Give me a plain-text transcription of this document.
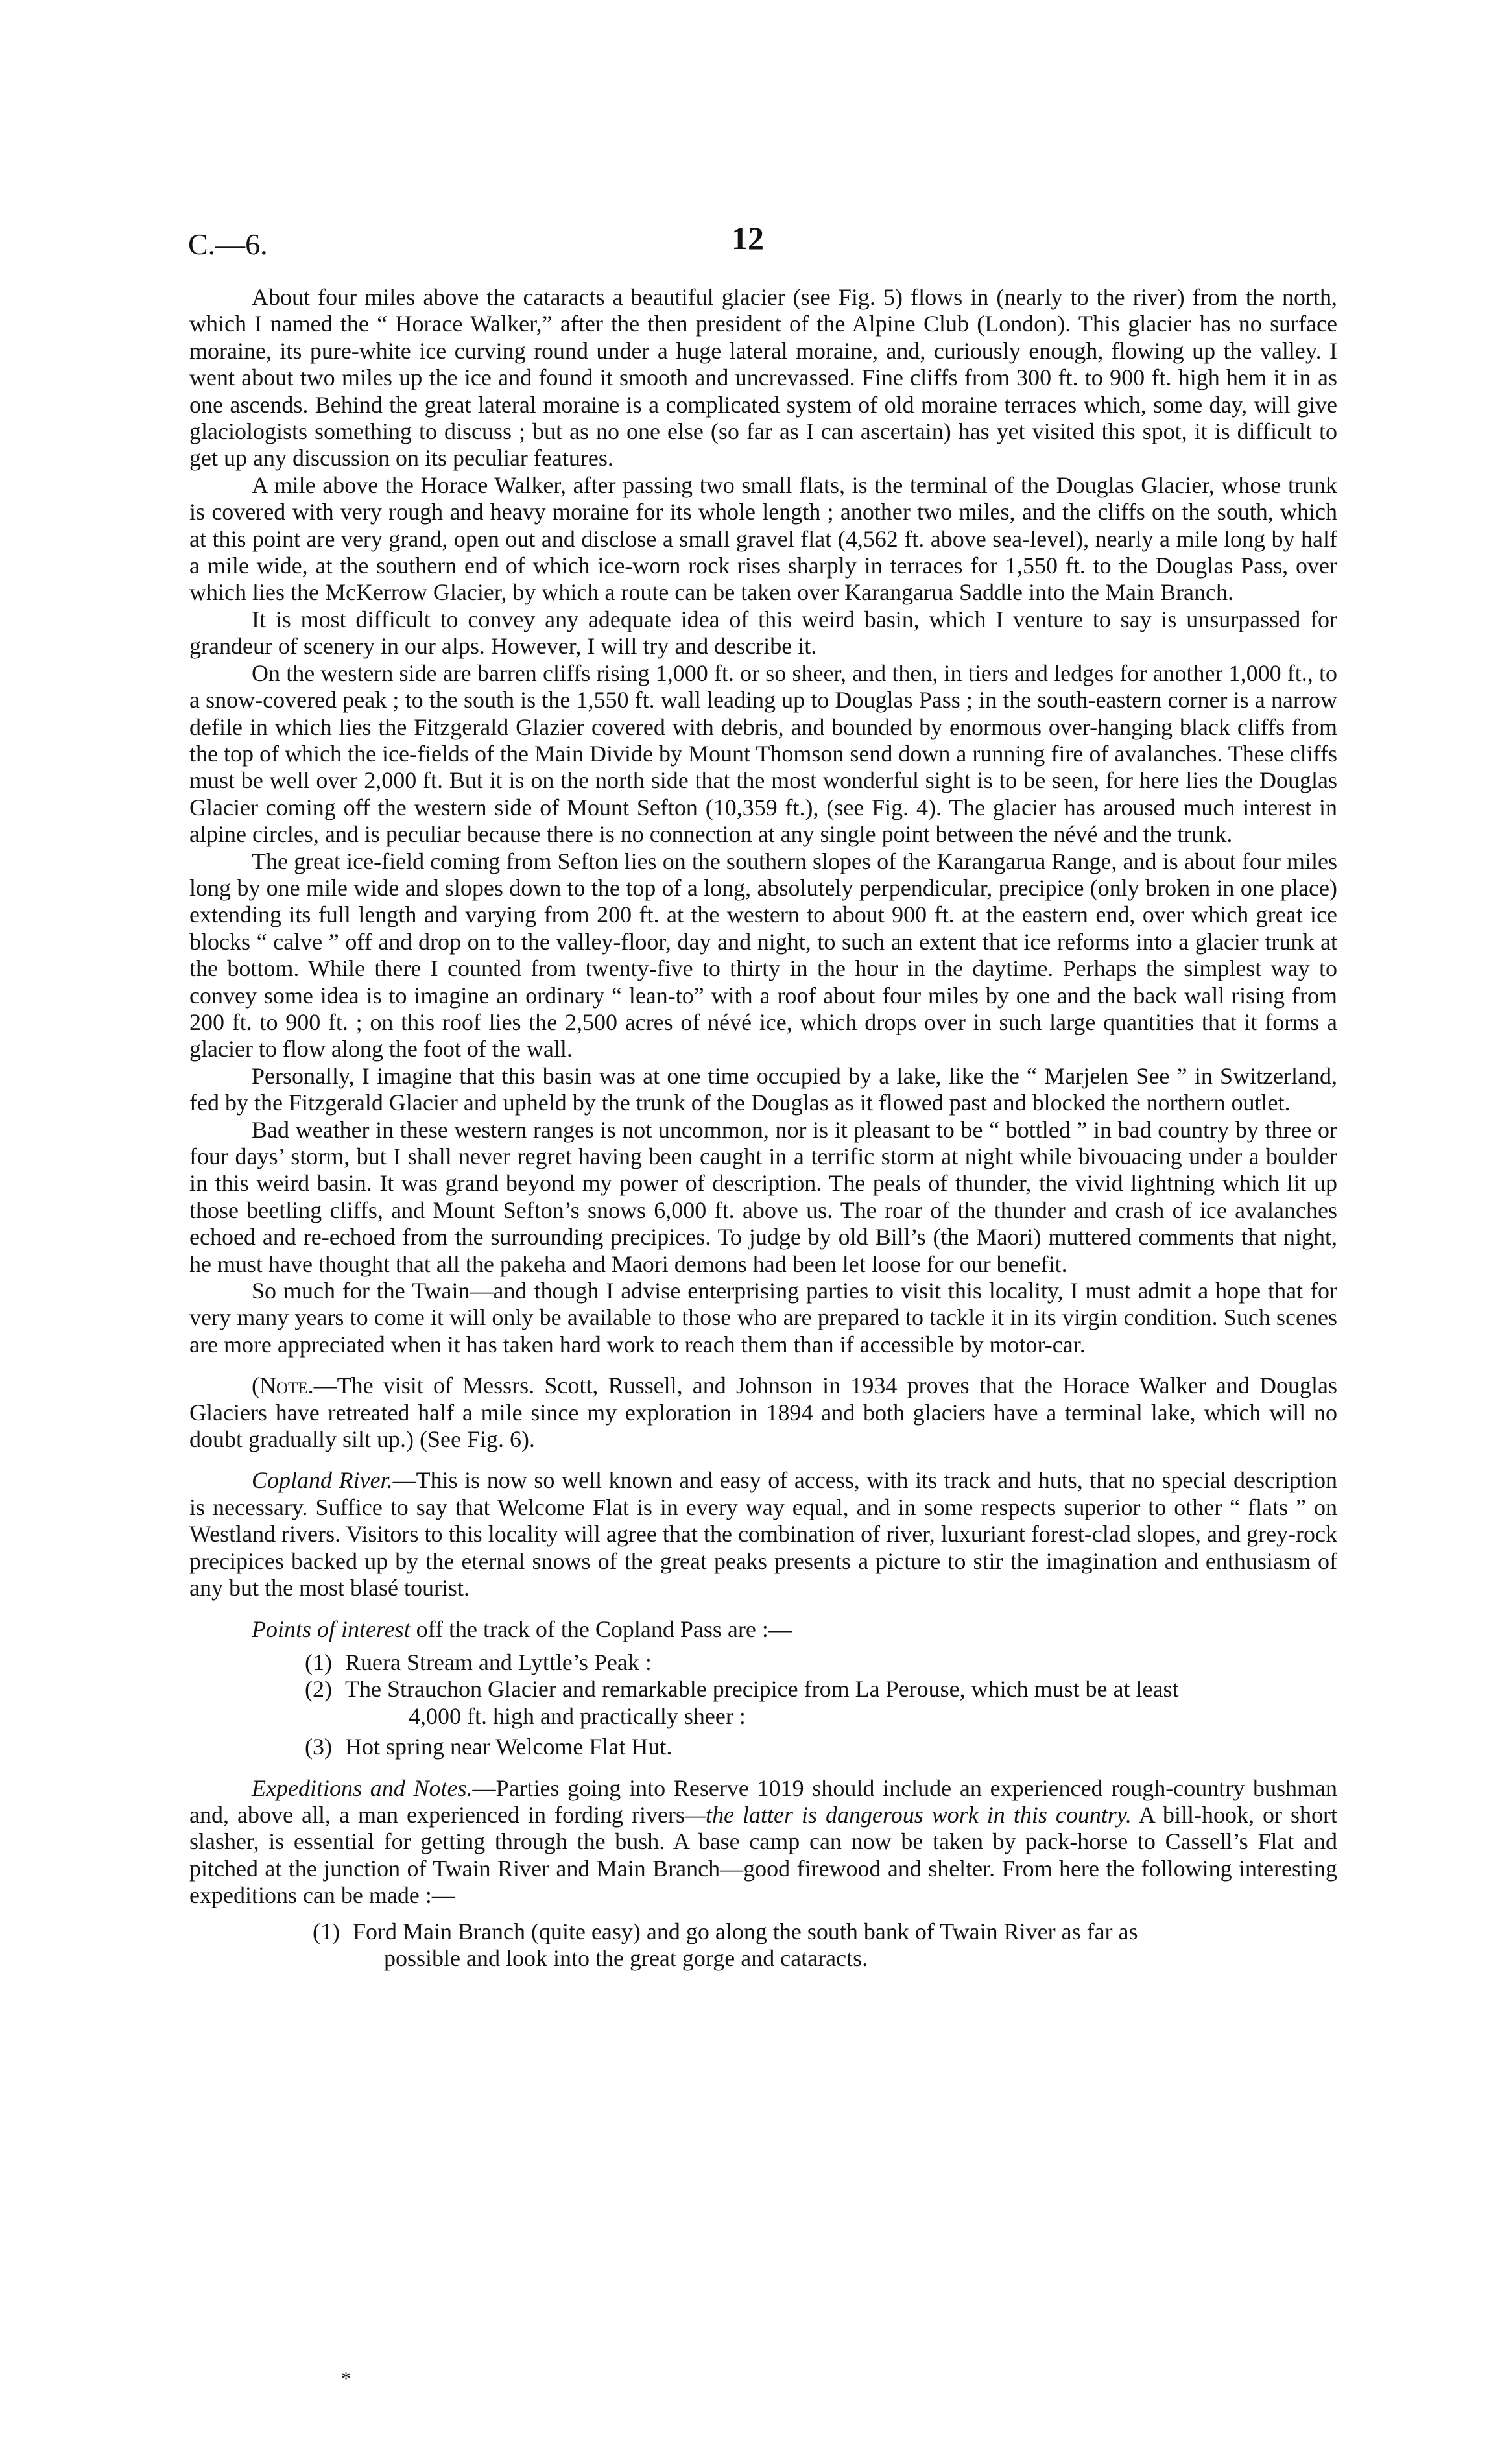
C.—6.	12

About four miles above the cataracts a beautiful glacier (see Fig. 5) flows in (nearly to the river) from the north, which I named the “ Horace Walker,” after the then president of the Alpine Club (London). This glacier has no surface moraine, its pure-white ice curving round under a huge lateral moraine, and, curiously enough, flowing up the valley. I went about two miles up the ice and found it smooth and uncrevassed. Fine cliffs from 300 ft. to 900 ft. high hem it in as one ascends. Behind the great lateral moraine is a complicated system of old moraine terraces which, some day, will give glaciologists something to discuss ; but as no one else (so far as I can ascertain) has yet visited this spot, it is difficult to get up any discussion on its peculiar features.

A mile above the Horace Walker, after passing two small flats, is the terminal of the Douglas Glacier, whose trunk is covered with very rough and heavy moraine for its whole length ; another two miles, and the cliffs on the south, which at this point are very grand, open out and disclose a small gravel flat (4,562 ft. above sea-level), nearly a mile long by half a mile wide, at the southern end of which ice-worn rock rises sharply in terraces for 1,550 ft. to the Douglas Pass, over which lies the McKerrow Glacier, by which a route can be taken over Karangarua Saddle into the Main Branch.

It is most difficult to convey any adequate idea of this weird basin, which I venture to say is unsurpassed for grandeur of scenery in our alps. However, I will try and describe it.

On the western side are barren cliffs rising 1,000 ft. or so sheer, and then, in tiers and ledges for another 1,000 ft., to a snow-covered peak ; to the south is the 1,550 ft. wall leading up to Douglas Pass ; in the south-eastern corner is a narrow defile in which lies the Fitzgerald Glazier covered with debris, and bounded by enormous over-hanging black cliffs from the top of which the ice-fields of the Main Divide by Mount Thomson send down a running fire of avalanches. These cliffs must be well over 2,000 ft. But it is on the north side that the most wonderful sight is to be seen, for here lies the Douglas Glacier coming off the western side of Mount Sefton (10,359 ft.), (see Fig. 4). The glacier has aroused much interest in alpine circles, and is peculiar because there is no connection at any single point between the névé and the trunk.

The great ice-field coming from Sefton lies on the southern slopes of the Karangarua Range, and is about four miles long by one mile wide and slopes down to the top of a long, absolutely perpendicular, precipice (only broken in one place) extending its full length and varying from 200 ft. at the western to about 900 ft. at the eastern end, over which great ice blocks “ calve ” off and drop on to the valley-floor, day and night, to such an extent that ice reforms into a glacier trunk at the bottom. While there I counted from twenty-five to thirty in the hour in the daytime. Perhaps the simplest way to convey some idea is to imagine an ordinary “ lean-to” with a roof about four miles by one and the back wall rising from 200 ft. to 900 ft. ; on this roof lies the 2,500 acres of névé ice, which drops over in such large quantities that it forms a glacier to flow along the foot of the wall.

Personally, I imagine that this basin was at one time occupied by a lake, like the “ Marjelen See ” in Switzerland, fed by the Fitzgerald Glacier and upheld by the trunk of the Douglas as it flowed past and blocked the northern outlet.

Bad weather in these western ranges is not uncommon, nor is it pleasant to be “ bottled ” in bad country by three or four days’ storm, but I shall never regret having been caught in a terrific storm at night while bivouacing under a boulder in this weird basin. It was grand beyond my power of description. The peals of thunder, the vivid lightning which lit up those beetling cliffs, and Mount Sefton’s snows 6,000 ft. above us. The roar of the thunder and crash of ice avalanches echoed and re-echoed from the surrounding precipices. To judge by old Bill’s (the Maori) muttered comments that night, he must have thought that all the pakeha and Maori demons had been let loose for our benefit.

So much for the Twain—and though I advise enterprising parties to visit this locality, I must admit a hope that for very many years to come it will only be available to those who are prepared to tackle it in its virgin condition. Such scenes are more appreciated when it has taken hard work to reach them than if accessible by motor-car.

(Note.—The visit of Messrs. Scott, Russell, and Johnson in 1934 proves that the Horace Walker and Douglas Glaciers have retreated half a mile since my exploration in 1894 and both glaciers have a terminal lake, which will no doubt gradually silt up.) (See Fig. 6).

Copland River.—This is now so well known and easy of access, with its track and huts, that no special description is necessary. Suffice to say that Welcome Flat is in every way equal, and in some respects superior to other “ flats ” on Westland rivers. Visitors to this locality will agree that the combination of river, luxuriant forest-clad slopes, and grey-rock precipices backed up by the eternal snows of the great peaks presents a picture to stir the imagination and enthusiasm of any but the most blasé tourist.

Points of interest off the track of the Copland Pass are :—

(1) Ruera Stream and Lyttle’s Peak :
(2) The Strauchon Glacier and remarkable precipice from La Perouse, which must be at least
4,000 ft. high and practically sheer :
(3) Hot spring near Welcome Flat Hut.

Expeditions and Notes.—Parties going into Reserve 1019 should include an experienced rough-country bushman and, above all, a man experienced in fording rivers—the latter is dangerous work in this country. A bill-hook, or short slasher, is essential for getting through the bush. A base camp can now be taken by pack-horse to Cassell’s Flat and pitched at the junction of Twain River and Main Branch—good firewood and shelter. From here the following interesting expeditions can be made :—

(1) Ford Main Branch (quite easy) and go along the south bank of Twain River as far as
possible and look into the great gorge and cataracts.
*
